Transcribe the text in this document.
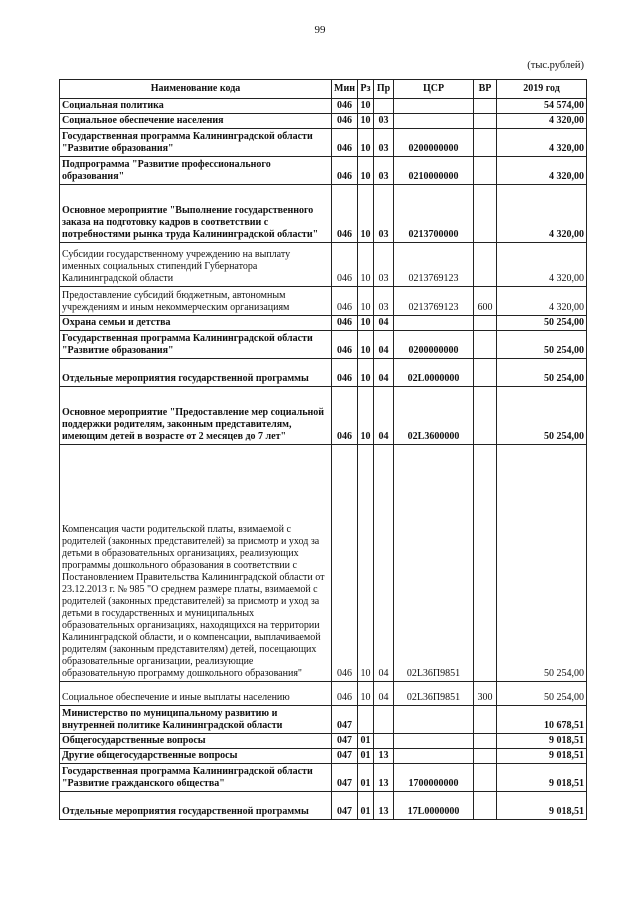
99
(тыс.рублей)
Наименование кода	Мин	Рз	Пр	ЦСР	ВР	2019 год
Социальная политика	046	10				54 574,00
Социальное обеспечение населения	046	10	03			4 320,00
Государственная программа Калининградской области "Развитие образования"	046	10	03	0200000000		4 320,00
Подпрограмма "Развитие профессионального образования"	046	10	03	0210000000		4 320,00
Основное мероприятие "Выполнение государственного заказа на подготовку кадров в соответствии с потребностями рынка труда Калининградской области"	046	10	03	0213700000		4 320,00
Субсидии государственному учреждению на выплату именных социальных стипендий Губернатора Калининградской области	046	10	03	0213769123		4 320,00
Предоставление субсидий бюджетным, автономным учреждениям и иным некоммерческим организациям	046	10	03	0213769123	600	4 320,00
Охрана семьи и детства	046	10	04			50 254,00
Государственная программа Калининградской области "Развитие образования"	046	10	04	0200000000		50 254,00
Отдельные мероприятия государственной программы	046	10	04	02L0000000		50 254,00
Основное мероприятие "Предоставление мер социальной поддержки родителям, законным представителям, имеющим детей в возрасте от 2 месяцев до 7 лет"	046	10	04	02L3600000		50 254,00
Компенсация части родительской платы, взимаемой с родителей (законных представителей) за присмотр и уход за детьми в образовательных организациях, реализующих программы дошкольного образования в соответствии с Постановлением Правительства Калининградской области от 23.12.2013 г. № 985 "О среднем размере платы, взимаемой с родителей (законных представителей) за присмотр и уход за детьми в государственных и муниципальных образовательных организациях, находящихся на территории Калининградской области, и о компенсации, выплачиваемой родителям (законным представителям) детей, посещающих образовательные организации, реализующие образовательную программу дошкольного образования"	046	10	04	02L36П9851		50 254,00
Социальное обеспечение и иные выплаты населению	046	10	04	02L36П9851	300	50 254,00
Министерство по муниципальному развитию и внутренней политике Калининградской области	047					10 678,51
Общегосударственные вопросы	047	01				9 018,51
Другие общегосударственные вопросы	047	01	13			9 018,51
Государственная программа Калининградской области "Развитие гражданского общества"	047	01	13	1700000000		9 018,51
Отдельные мероприятия государственной программы	047	01	13	17L0000000		9 018,51
